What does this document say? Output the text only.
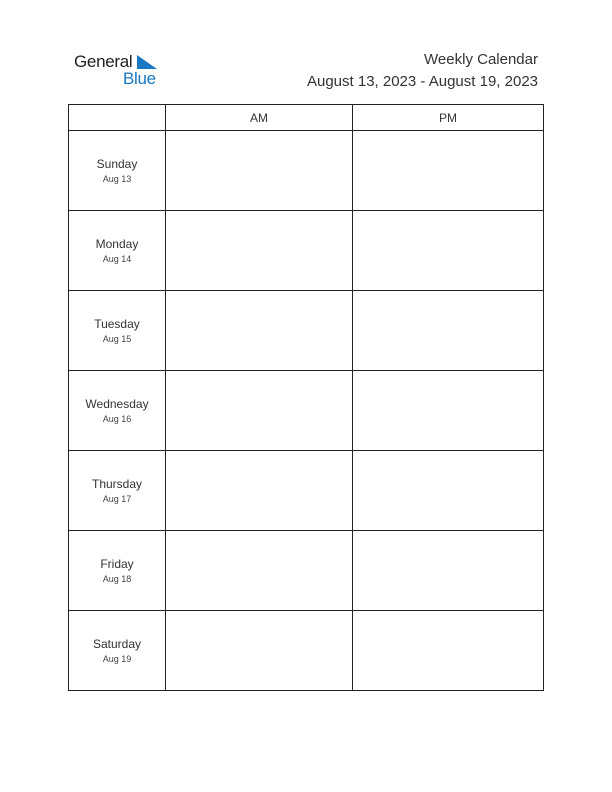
General
Blue
Weekly Calendar
August 13, 2023 - August 19, 2023
	AM	PM

Sunday
Aug 13		

Monday
Aug 14		

Tuesday
Aug 15		

Wednesday
Aug 16		

Thursday
Aug 17		

Friday
Aug 18		

Saturday
Aug 19		
